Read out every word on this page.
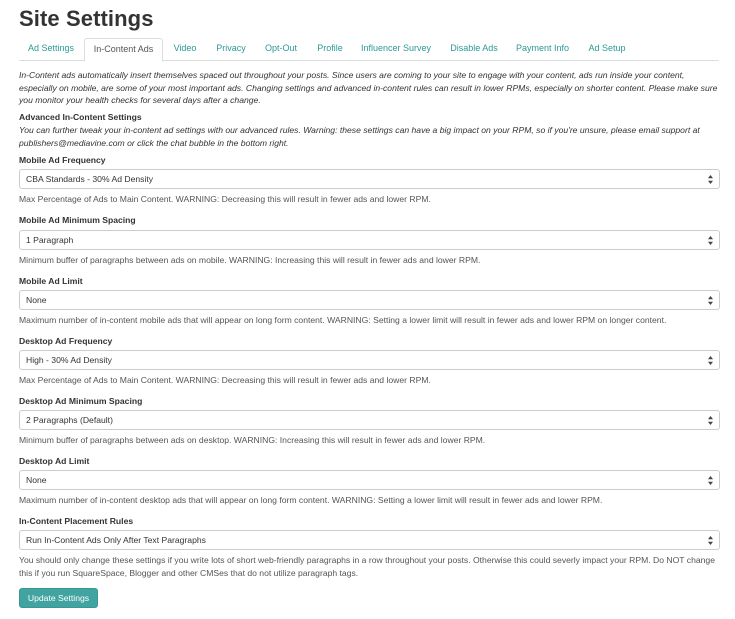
Site Settings
Ad Settings	In-Content Ads	Video	Privacy	Opt-Out	Profile	Influencer Survey	Disable Ads	Payment Info	Ad Setup

In-Content ads automatically insert themselves spaced out throughout your posts. Since users are coming to your site to engage with your content, ads run inside your content, especially on mobile, are some of your most important ads. Changing settings and advanced in-content rules can result in lower RPMs, especially on shorter content. Please make sure you monitor your health checks for several days after a change.

Advanced In-Content Settings

You can further tweak your in-content ad settings with our advanced rules. Warning: these settings can have a big impact on your RPM, so if you're unsure, please email support at publishers@mediavine.com or click the chat bubble in the bottom right.

Mobile Ad Frequency

CBA Standards - 30% Ad Density

Max Percentage of Ads to Main Content. WARNING: Decreasing this will result in fewer ads and lower RPM.

Mobile Ad Minimum Spacing

1 Paragraph

Minimum buffer of paragraphs between ads on mobile. WARNING: Increasing this will result in fewer ads and lower RPM.

Mobile Ad Limit

None

Maximum number of in-content mobile ads that will appear on long form content. WARNING: Setting a lower limit will result in fewer ads and lower RPM on longer content.

Desktop Ad Frequency

High - 30% Ad Density

Max Percentage of Ads to Main Content. WARNING: Decreasing this will result in fewer ads and lower RPM.

Desktop Ad Minimum Spacing

2 Paragraphs (Default)

Minimum buffer of paragraphs between ads on desktop. WARNING: Increasing this will result in fewer ads and lower RPM.

Desktop Ad Limit

None

Maximum number of in-content desktop ads that will appear on long form content. WARNING: Setting a lower limit will result in fewer ads and lower RPM.

In-Content Placement Rules

Run In-Content Ads Only After Text Paragraphs

You should only change these settings if you write lots of short web-friendly paragraphs in a row throughout your posts. Otherwise this could severly impact your RPM. Do NOT change this if you run SquareSpace, Blogger and other CMSes that do not utilize paragraph tags.

Update Settings
